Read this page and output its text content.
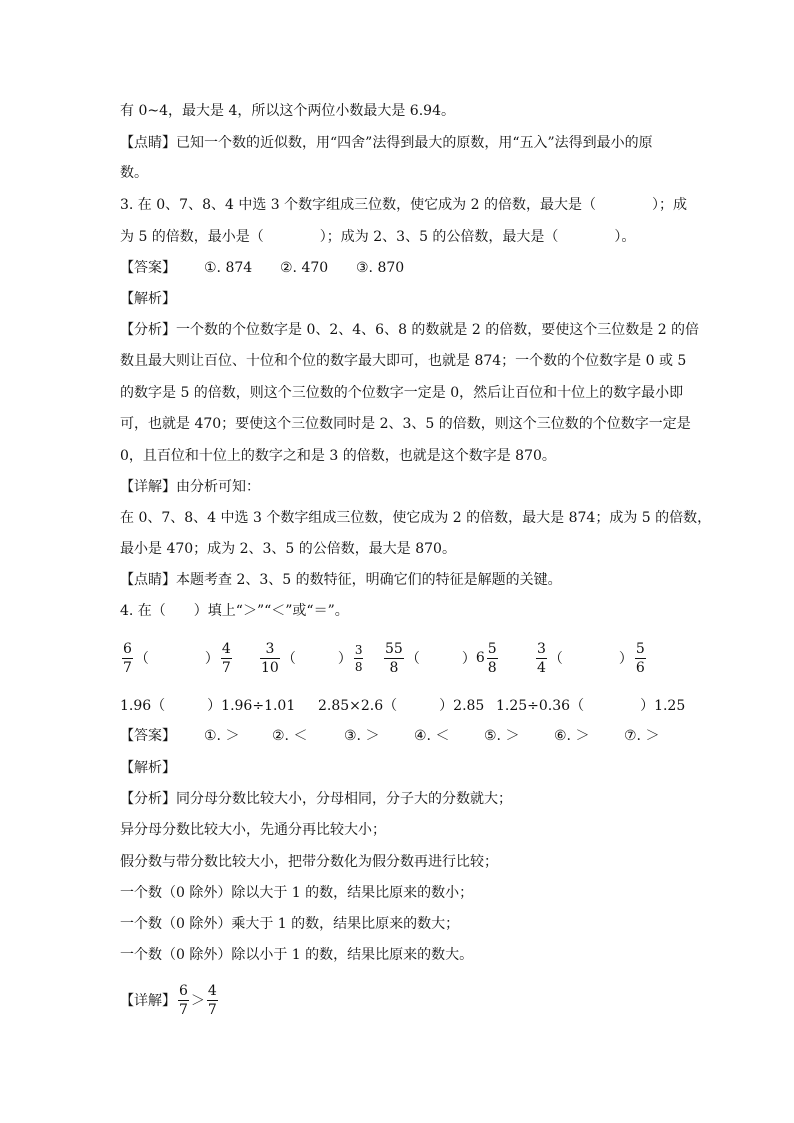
有 0~4，最大是 4，所以这个两位小数最大是 6.94。
【点睛】已知一个数的近似数，用“四舍”法得到最大的原数，用“五入”法得到最小的原
数。
3. 在 0、7、8、4 中选 3 个数字组成三位数，使它成为 2 的倍数，最大是（　　　　）；成
为 5 的倍数，最小是（　　　　）；成为 2、3、5 的公倍数，最大是（　　　　）。
【答案】 ①. 874 ②. 470 ③. 870
【解析】
【分析】一个数的个位数字是 0、2、4、6、8 的数就是 2 的倍数，要使这个三位数是 2 的倍
数且最大则让百位、十位和个位的数字最大即可，也就是 874；一个数的个位数字是 0 或 5
的数字是 5 的倍数，则这个三位数的个位数字一定是 0，然后让百位和十位上的数字最小即
可，也就是 470；要使这个三位数同时是 2、3、5 的倍数，则这个三位数的个位数字一定是
0，且百位和十位上的数字之和是 3 的倍数，也就是这个数字是 870。
【详解】由分析可知：
在 0、7、8、4 中选 3 个数字组成三位数，使它成为 2 的倍数，最大是 874；成为 5 的倍数，
最小是 470；成为 2、3、5 的公倍数，最大是 870。
【点睛】本题考查 2、3、5 的数特征，明确它们的特征是解题的关键。
4. 在（　　）填上“＞”“＜”或“＝”。
$\frac{6}{7}$ （　　　　） $\frac{4}{7} \frac{3}{10}$ （　　　） $\frac{3}{8} \frac{55}{8}$ （　　　） $6 \frac{5}{8}$	$\frac{3}{4}$ （　　　　） $\frac{5}{6}$
1.96（　　　）1.96÷1.01 2.85×2.6（　　　）2.85 1.25÷0.36（　　　　）1.25
【答案】 ①. ＞ ②. ＜	③. ＞ ④. ＜ ⑤. ＞ ⑥. ＞ ⑦. ＞
【解析】
【分析】同分母分数比较大小，分母相同，分子大的分数就大；
异分母分数比较大小，先通分再比较大小；
假分数与带分数比较大小，把带分数化为假分数再进行比较；
一个数（0 除外）除以大于 1 的数，结果比原来的数小；
一个数（0 除外）乘大于 1 的数，结果比原来的数大；
一个数（0 除外）除以小于 1 的数，结果比原来的数大。
【详解】 $\frac{6}{7} > \frac{4}{7}$
